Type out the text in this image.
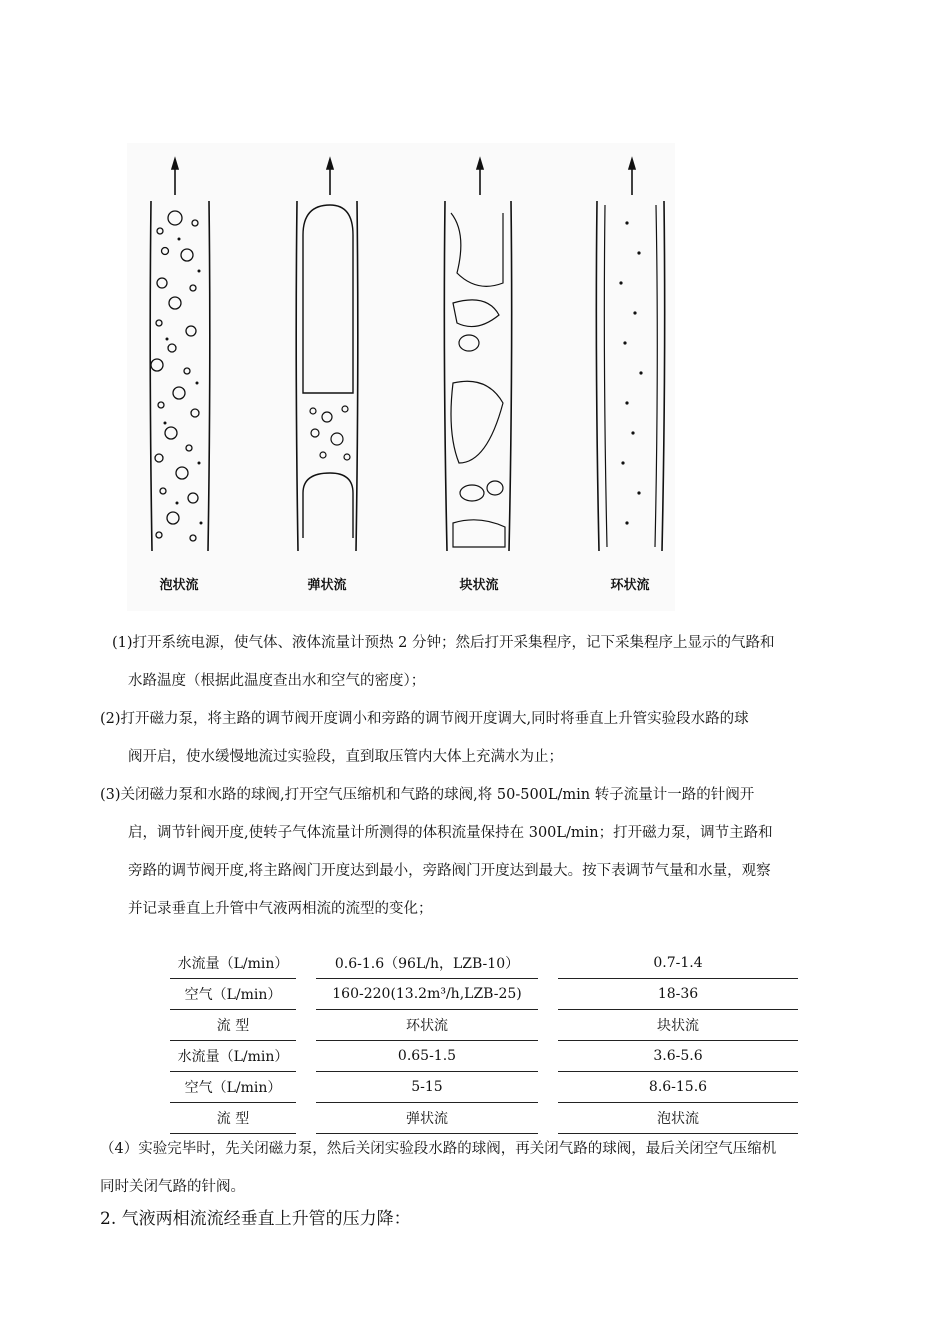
泡状流	弹状流	块状流	环状流

(1)打开系统电源，使气体、液体流量计预热 2 分钟；然后打开采集程序，记下采集程序上显示的气路和
水路温度（根据此温度查出水和空气的密度）；

(2)打开磁力泵，将主路的调节阀开度调小和旁路的调节阀开度调大,同时将垂直上升管实验段水路的球
阀开启，使水缓慢地流过实验段，直到取压管内大体上充满水为止；

(3)关闭磁力泵和水路的球阀,打开空气压缩机和气路的球阀,将 50-500L/min 转子流量计一路的针阀开
启，调节针阀开度,使转子气体流量计所测得的体积流量保持在 300L/min；打开磁力泵，调节主路和
旁路的调节阀开度,将主路阀门开度达到最小，旁路阀门开度达到最大。按下表调节气量和水量，观察
并记录垂直上升管中气液两相流的流型的变化；

水流量（L/min）		0.6-1.6（96L/h，LZB-10）		0.7-1.4
空气（L/min）		160-220(13.2m³/h,LZB-25)		18-36
流 型		环状流		块状流
水流量（L/min）		0.65-1.5		3.6-5.6
空气（L/min）		5-15		8.6-15.6
流 型		弹状流		泡状流

（4）实验完毕时，先关闭磁力泵，然后关闭实验段水路的球阀，再关闭气路的球阀，最后关闭空气压缩机
同时关闭气路的针阀。

2. 气液两相流流经垂直上升管的压力降：
